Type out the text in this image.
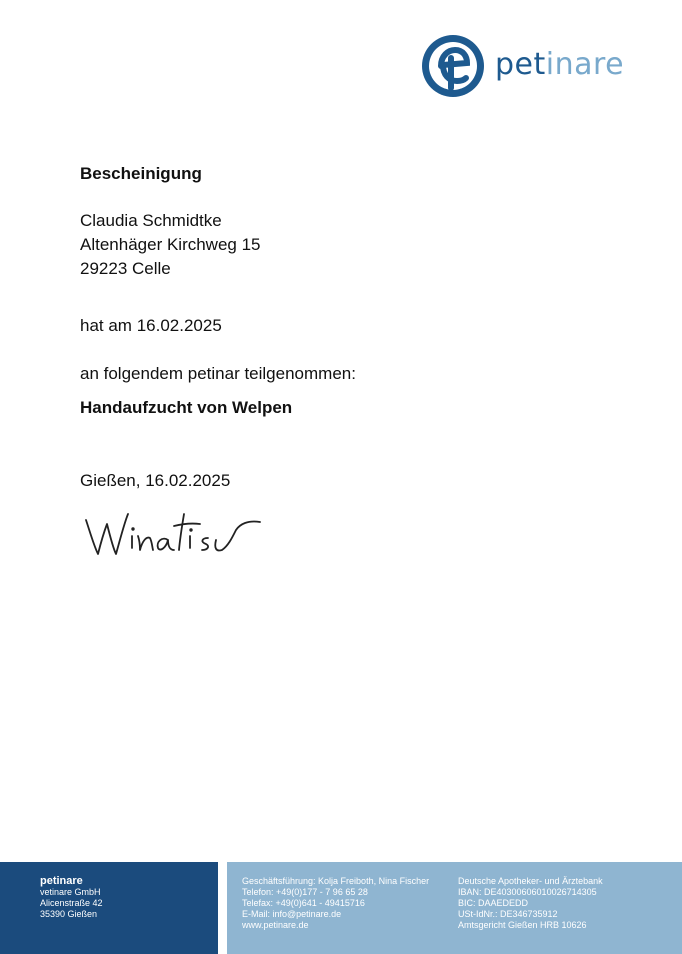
petinare
Bescheinigung
Claudia Schmidtke
Altenhäger Kirchweg 15
29223 Celle
hat am 16.02.2025
an folgendem petinar teilgenommen:
Handaufzucht von Welpen
Gießen, 16.02.2025
petinare
vetinare GmbH
Alicenstraße 42
35390 Gießen
Geschäftsführung: Kolja Freiboth, Nina Fischer
Telefon: +49(0)177 - 7 96 65 28
Telefax: +49(0)641 - 49415716
E-Mail: info@petinare.de
www.petinare.de
Deutsche Apotheker- und Ärztebank
IBAN: DE40300606010026714305
BIC: DAAEDEDD
USt-IdNr.: DE346735912
Amtsgericht Gießen HRB 10626
